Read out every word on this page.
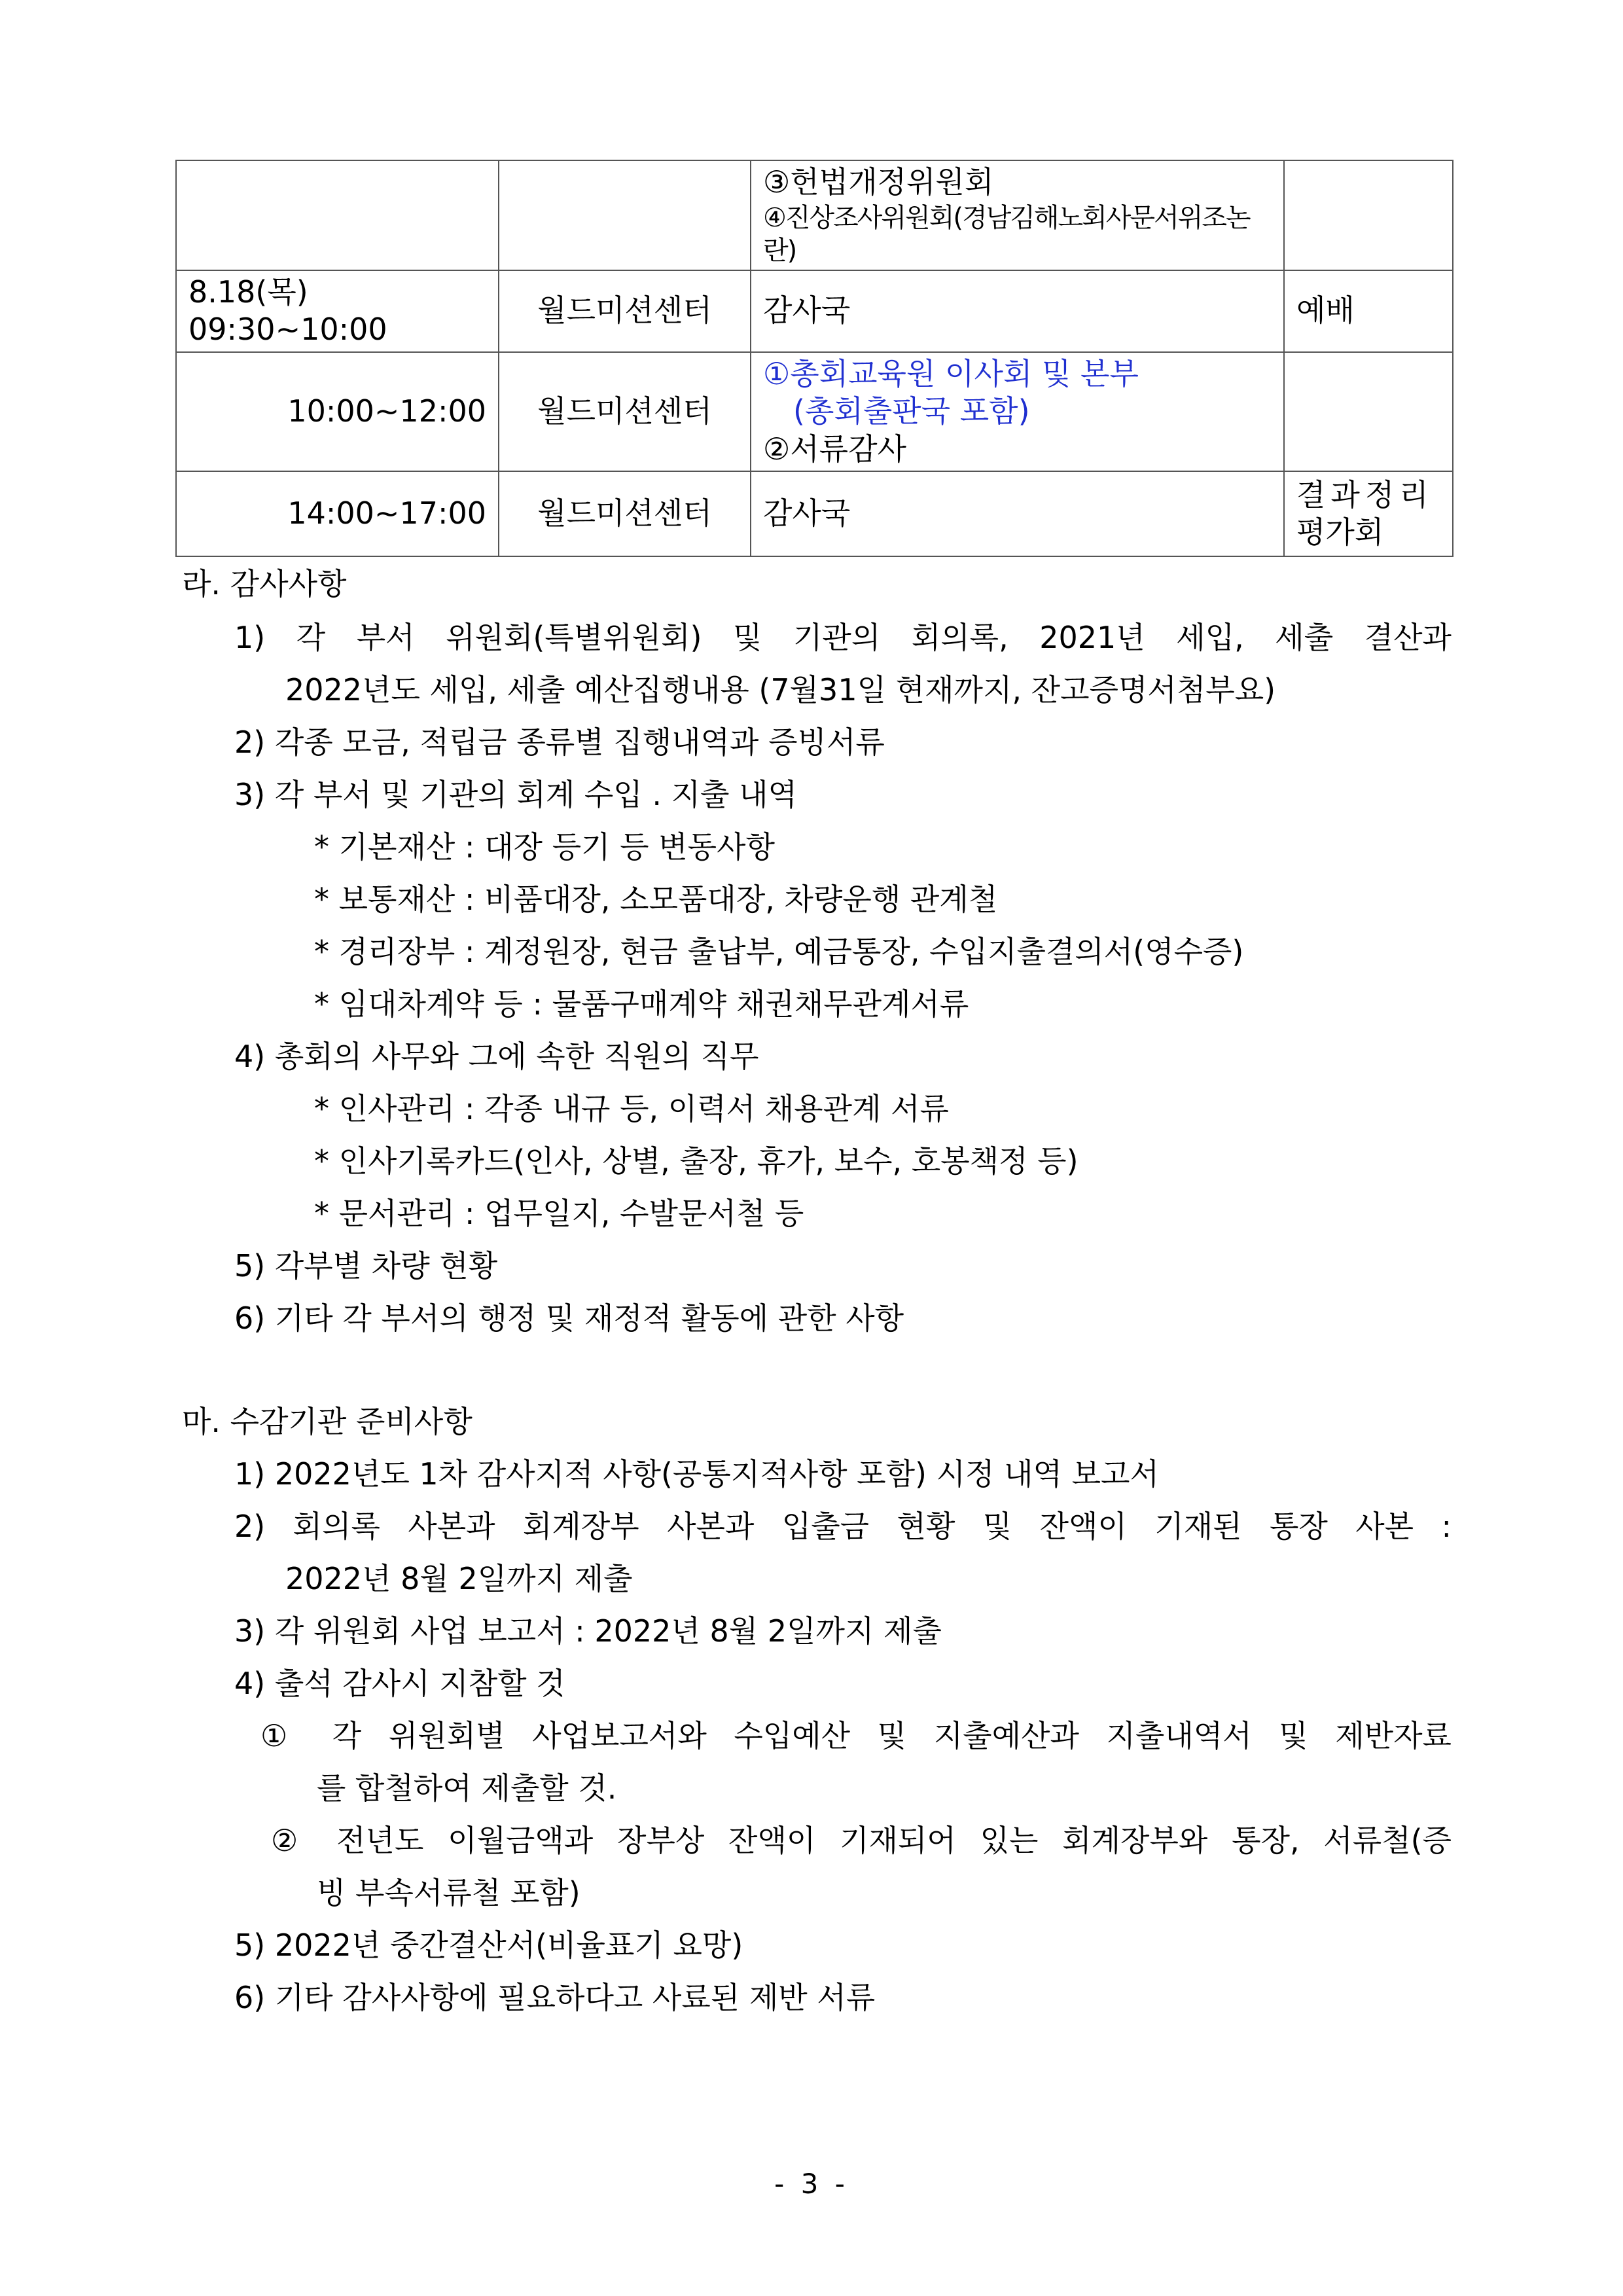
		③헌법개정위원회
④진상조사위원회(경남김해노회사문서위조논란)	

8.18(목) 09:30~10:00	월드미션센터	감사국	예배
10:00~12:00	월드미션센터	①총회교육원 이사회 및 본부
(총회출판국 포함)
②서류감사	

14:00~17:00	월드미션센터	감사국	결과정리
평가회
라. 감사사항
1) 각 부서 위원회(특별위원회) 및 기관의 회의록, 2021년 세입, 세출 결산과
2022년도 세입, 세출 예산집행내용 (7월31일 현재까지, 잔고증명서첨부요)
2) 각종 모금, 적립금 종류별 집행내역과 증빙서류
3) 각 부서 및 기관의 회계 수입 . 지출 내역
* 기본재산 : 대장 등기 등 변동사항
* 보통재산 : 비품대장, 소모품대장, 차량운행 관계철
* 경리장부 : 계정원장, 현금 출납부, 예금통장, 수입지출결의서(영수증)
* 임대차계약 등 : 물품구매계약 채권채무관계서류
4) 총회의 사무와 그에 속한 직원의 직무
* 인사관리 : 각종 내규 등, 이력서 채용관계 서류
* 인사기록카드(인사, 상별, 출장, 휴가, 보수, 호봉책정 등)
* 문서관리 : 업무일지, 수발문서철 등
5) 각부별 차량 현황
6) 기타 각 부서의 행정 및 재정적 활동에 관한 사항
마. 수감기관 준비사항
1) 2022년도 1차 감사지적 사항(공통지적사항 포함) 시정 내역 보고서
2) 회의록 사본과 회계장부 사본과 입출금 현황 및 잔액이 기재된 통장 사본 :
2022년 8월 2일까지 제출
3) 각 위원회 사업 보고서 : 2022년 8월 2일까지 제출
4) 출석 감사시 지참할 것
① 각 위원회별 사업보고서와 수입예산 및 지출예산과 지출내역서 및 제반자료
를 합철하여 제출할 것.
② 전년도 이월금액과 장부상 잔액이 기재되어 있는 회계장부와 통장, 서류철(증
빙 부속서류철 포함)
5) 2022년 중간결산서(비율표기 요망)
6) 기타 감사사항에 필요하다고 사료된 제반 서류
- 3 -
